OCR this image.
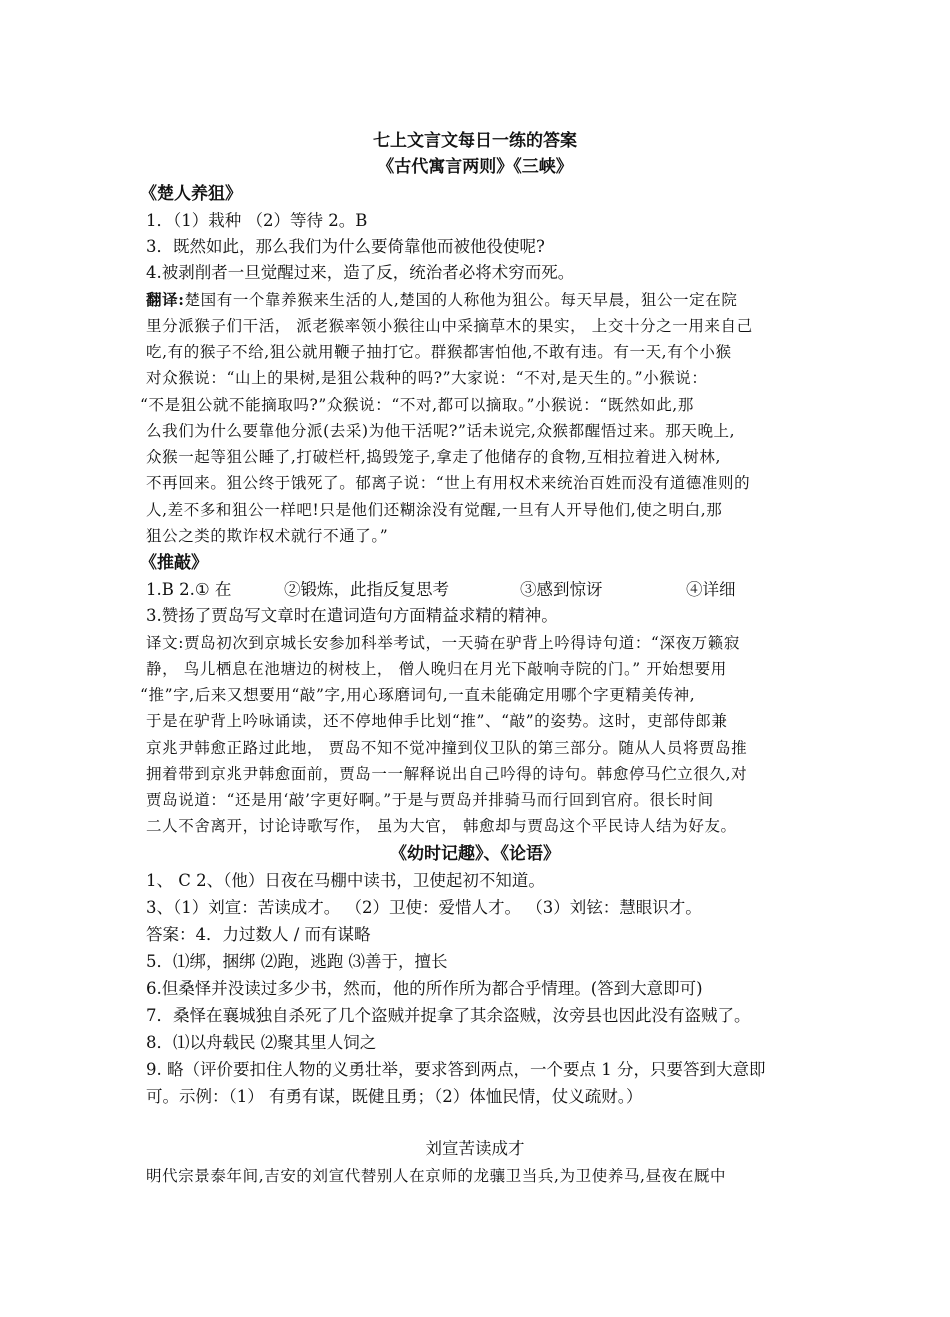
七上文言文每日一练的答案
《古代寓言两则》《三峡》
《楚人养狙》
1．（1）栽种 （2）等待 2。B
3．既然如此，那么我们为什么要倚靠他而被他役使呢?
4.被剥削者一旦觉醒过来，造了反，统治者必将术穷而死。
翻译:楚国有一个靠养猴来生活的人,楚国的人称他为狙公。每天早晨，狙公一定在院
里分派猴子们干活， 派老猴率领小猴往山中采摘草木的果实， 上交十分之一用来自己
吃,有的猴子不给,狙公就用鞭子抽打它。群猴都害怕他,不敢有违。有一天,有个小猴
对众猴说：“山上的果树,是狙公栽种的吗?”大家说：“不对,是天生的。”小猴说：
“不是狙公就不能摘取吗?”众猴说：“不对,都可以摘取。”小猴说：“既然如此,那
么我们为什么要靠他分派(去采)为他干活呢?”话未说完,众猴都醒悟过来。那天晚上,
众猴一起等狙公睡了,打破栏杆,捣毁笼子,拿走了他储存的食物,互相拉着进入树林,
不再回来。狙公终于饿死了。郁离子说：“世上有用权术来统治百姓而没有道德准则的
人,差不多和狙公一样吧!只是他们还糊涂没有觉醒,一旦有人开导他们,使之明白,那
狙公之类的欺诈权术就行不通了。”
《推敲》
1.B 2.① 在	②锻炼，此指反复思考	③感到惊讶	④详细
3.赞扬了贾岛写文章时在遣词造句方面精益求精的精神。
译文:贾岛初次到京城长安参加科举考试，一天骑在驴背上吟得诗句道：“深夜万籁寂
静， 鸟儿栖息在池塘边的树枝上， 僧人晚归在月光下敲响寺院的门。” 开始想要用
“推”字,后来又想要用“敲”字,用心琢磨词句,一直未能确定用哪个字更精美传神,
于是在驴背上吟咏诵读，还不停地伸手比划“推”、“敲”的姿势。这时，吏部侍郎兼
京兆尹韩愈正路过此地， 贾岛不知不觉冲撞到仪卫队的第三部分。随从人员将贾岛推
拥着带到京兆尹韩愈面前，贾岛一一解释说出自己吟得的诗句。韩愈停马伫立很久,对
贾岛说道：“还是用‘敲’字更好啊。”于是与贾岛并排骑马而行回到官府。很长时间
二人不舍离开，讨论诗歌写作， 虽为大官， 韩愈却与贾岛这个平民诗人结为好友。
《幼时记趣》、《论语》
1、 C 2、（他）日夜在马棚中读书，卫使起初不知道。
3、（1）刘宣：苦读成才。 （2）卫使：爱惜人才。 （3）刘铉：慧眼识才。
答案：4．力过数人 / 而有谋略
5．⑴绑，捆绑 ⑵跑，逃跑 ⑶善于，擅长
6.但桑怿并没读过多少书，然而，他的所作所为都合乎情理。(答到大意即可)
7．桑怿在襄城独自杀死了几个盗贼并捉拿了其余盗贼，汝旁县也因此没有盗贼了。
8．⑴以舟载民 ⑵聚其里人饲之
9. 略（评价要扣住人物的义勇壮举，要求答到两点，一个要点 1 分，只要答到大意即
可。示例：（1） 有勇有谋，既健且勇；（2）体恤民情，仗义疏财。）
刘宣苦读成才
明代宗景泰年间,吉安的刘宣代替别人在京师的龙骧卫当兵,为卫使养马,昼夜在厩中
